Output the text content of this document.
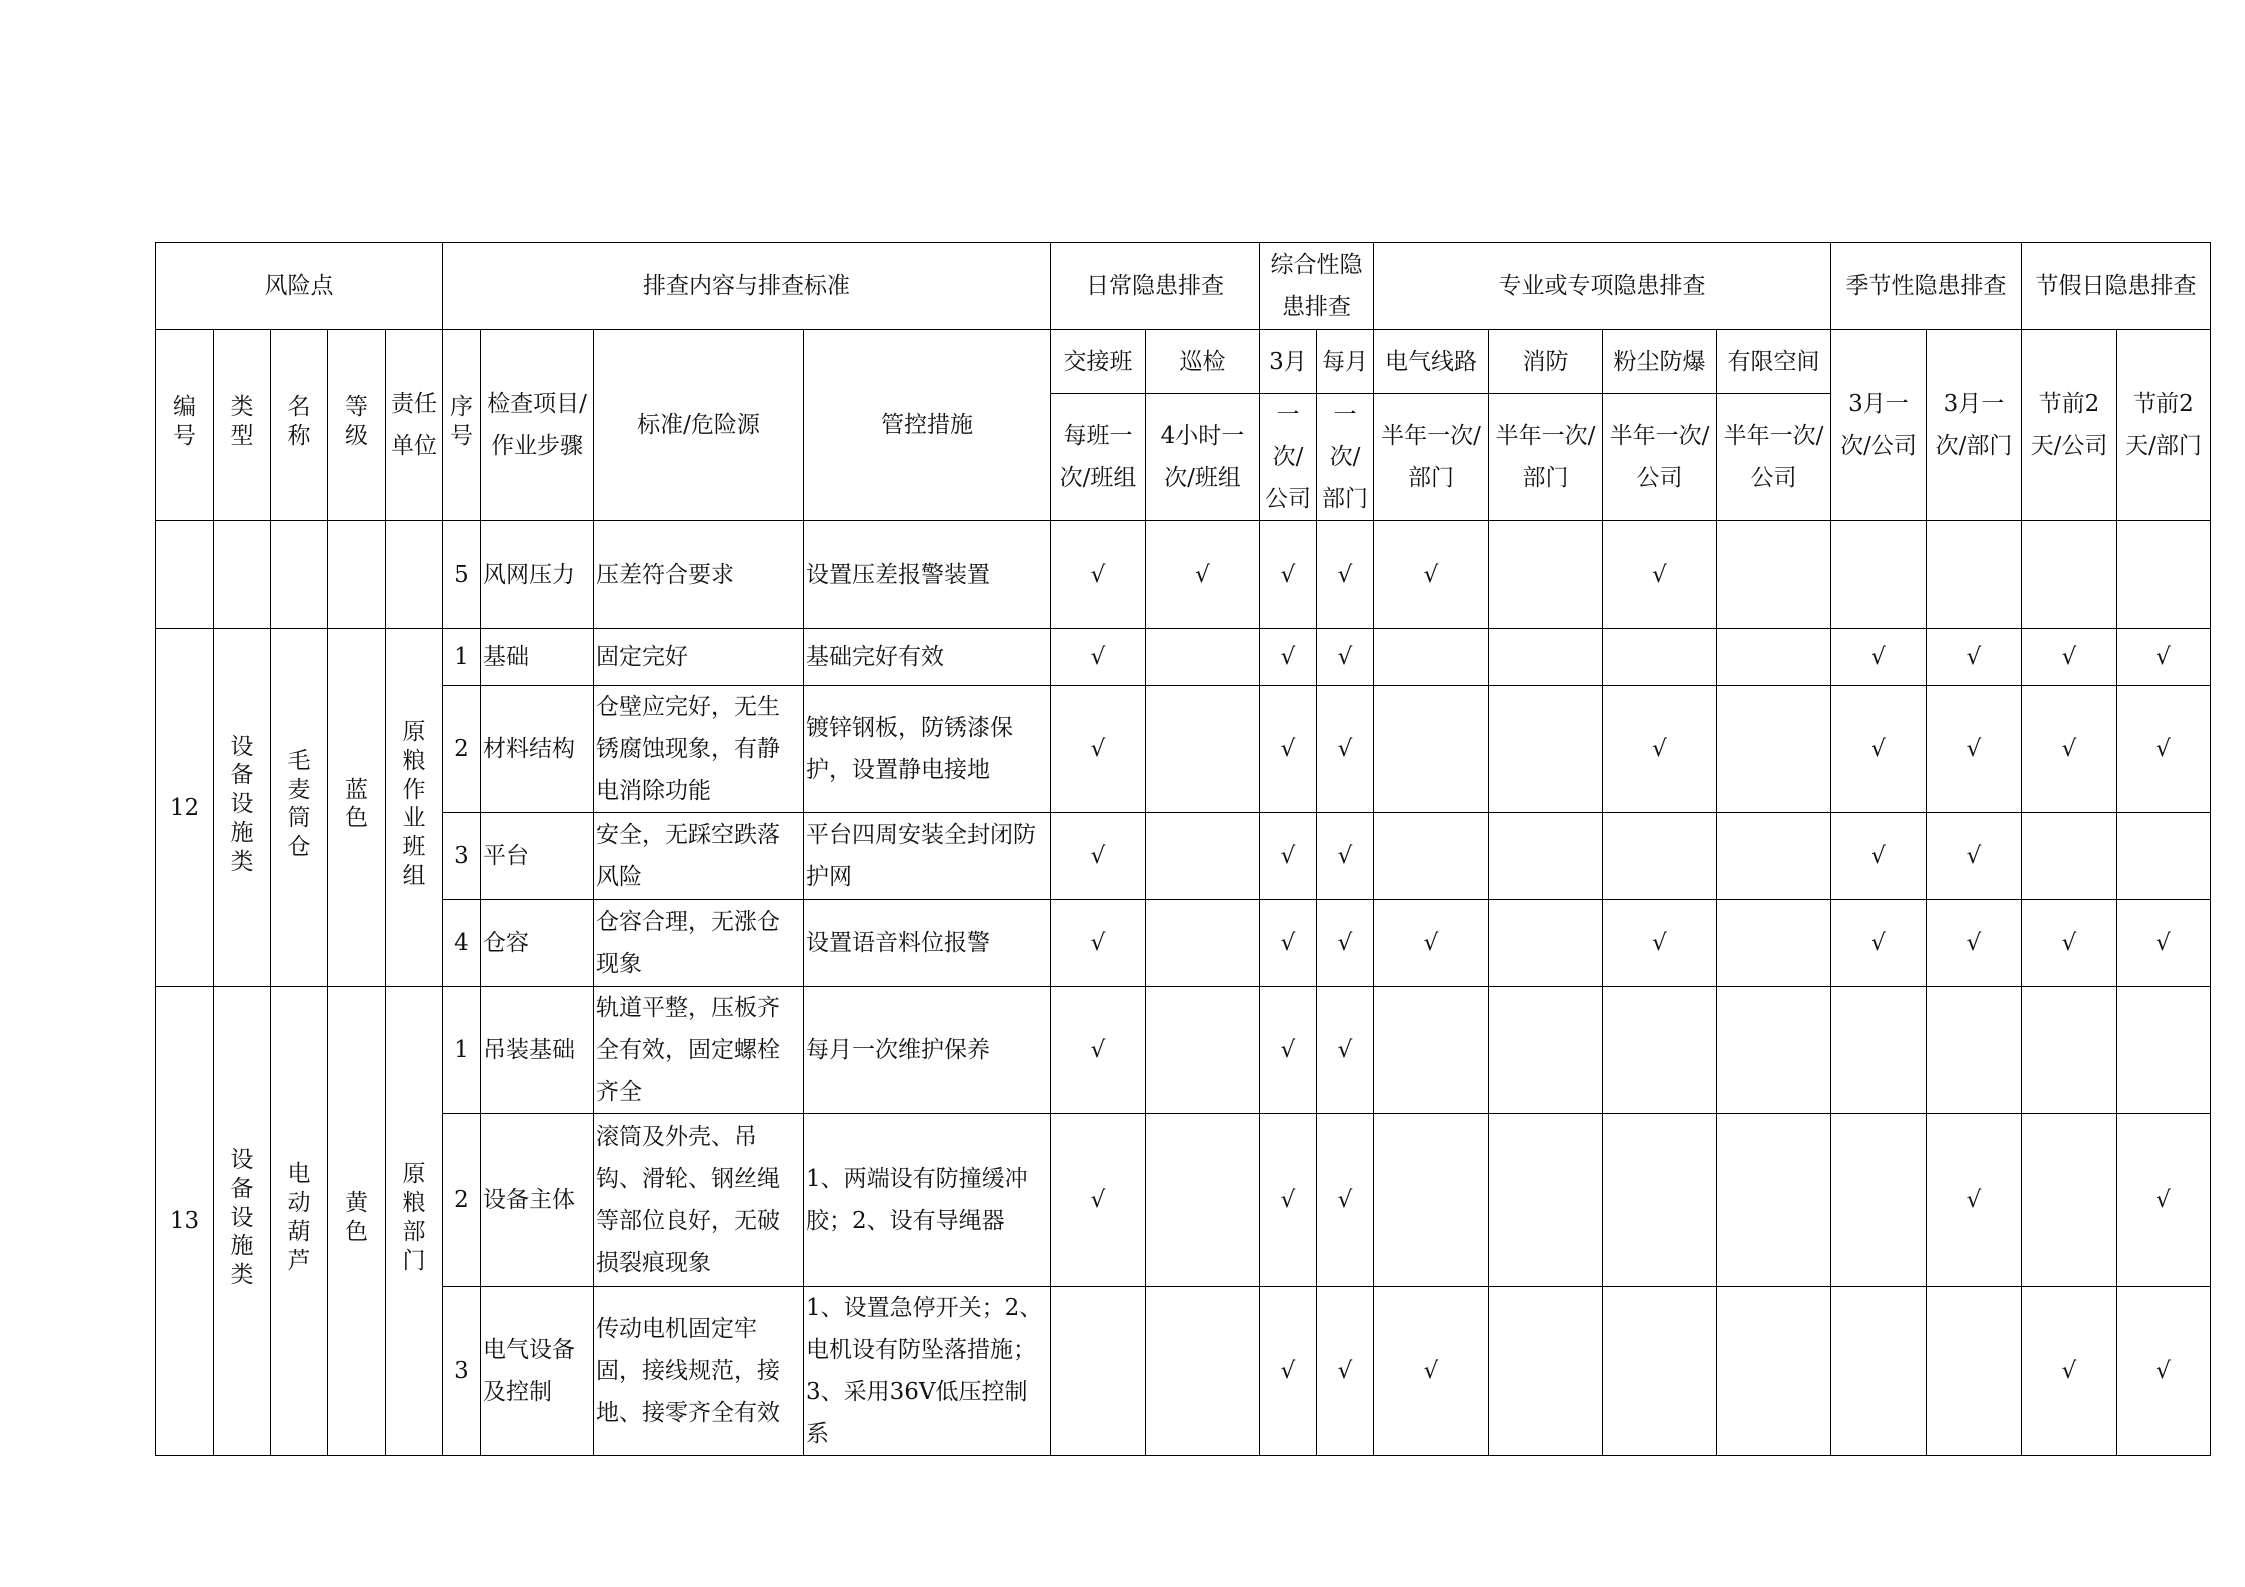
风险点					排查内容与排查标准				日常隐患排查		综合性隐患排查		专业或专项隐患排查				季节性隐患排查		节假日隐患排查	
编号	类型	名称	等级	责任单位	序号	检查项目/作业步骤	标准/危险源	管控措施	交接班	巡检	3月	每月	电气线路	消防	粉尘防爆	有限空间	3月一次/公司	3月一次/部门	节前2天/公司	节前2天/部门
									每班一次/班组	4小时一次/班组	一次/公司	一次/部门	半年一次/部门	半年一次/部门	半年一次/公司	半年一次/公司				
					5	风网压力	压差符合要求	设置压差报警装置	√	√	√	√	√		√					
12	设备设施类	毛麦筒仓	蓝色	原粮作业班组	1	基础	固定完好	基础完好有效	√		√	√					√	√	√	√
					2	材料结构	仓壁应完好，无生锈腐蚀现象，有静电消除功能	镀锌钢板，防锈漆保护，设置静电接地	√		√	√			√		√	√	√	√
					3	平台	安全，无踩空跌落风险	平台四周安装全封闭防护网	√		√	√					√	√		
					4	仓容	仓容合理，无涨仓现象	设置语音料位报警	√		√	√	√		√		√	√	√	√
13	设备设施类	电动葫芦	黄色	原粮部门	1	吊装基础	轨道平整，压板齐全有效，固定螺栓齐全	每月一次维护保养	√		√	√								
					2	设备主体	滚筒及外壳、吊钩、滑轮、钢丝绳等部位良好，无破损裂痕现象	1、两端设有防撞缓冲胶；2、设有导绳器	√		√	√						√		√
					3	电气设备及控制	传动电机固定牢固，接线规范，接地、接零齐全有效	1、设置急停开关；2、电机设有防坠落措施；3、采用36V低压控制系			√	√	√						√	√
